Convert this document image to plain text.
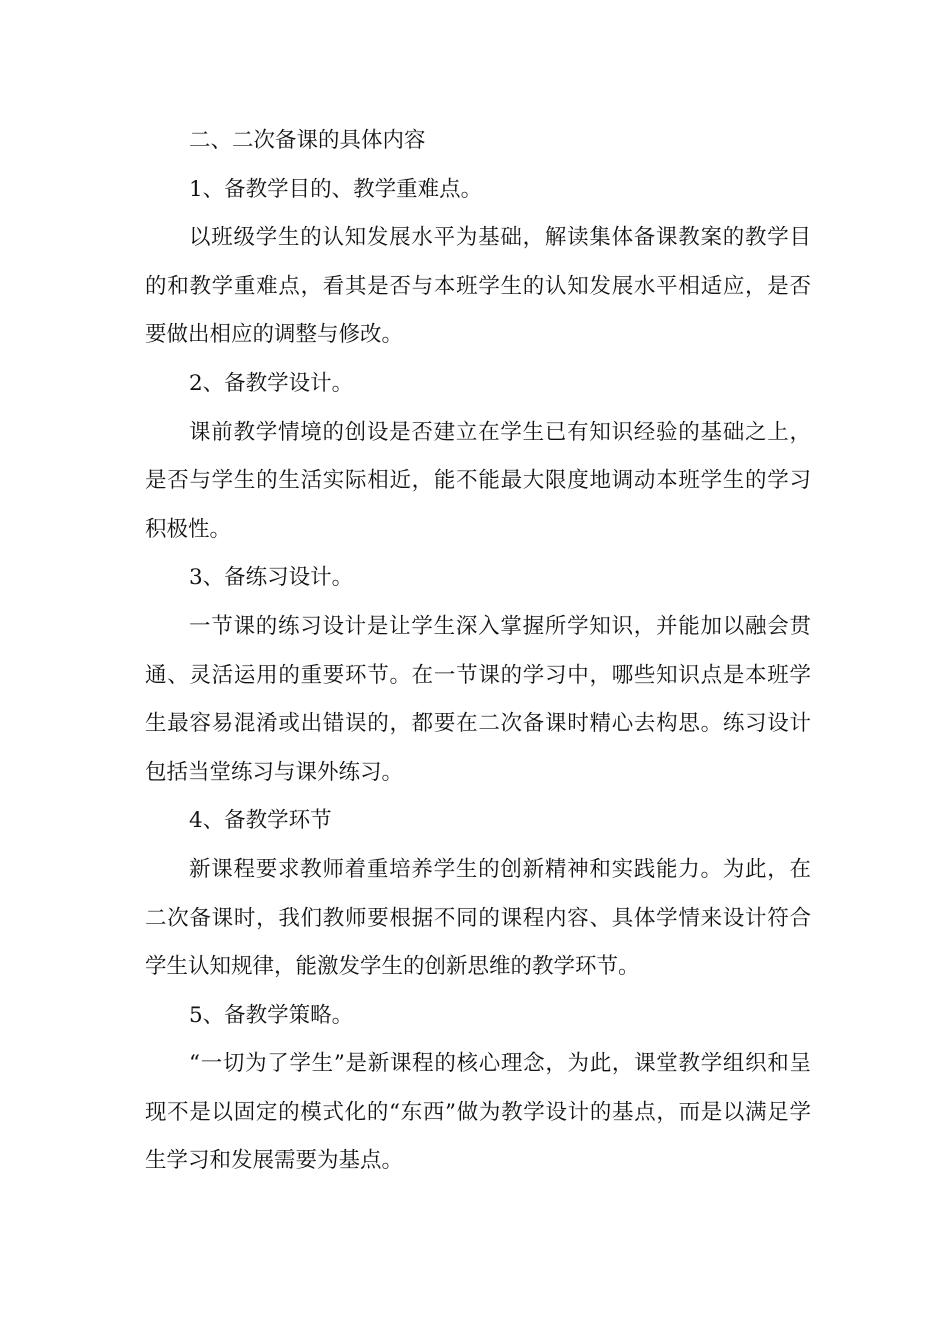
二、二次备课的具体内容

1、备教学目的、教学重难点。

以班级学生的认知发展水平为基础，解读集体备课教案的教学目的和教学重难点，看其是否与本班学生的认知发展水平相适应，是否要做出相应的调整与修改。

2、备教学设计。

课前教学情境的创设是否建立在学生已有知识经验的基础之上，是否与学生的生活实际相近，能不能最大限度地调动本班学生的学习积极性。

3、备练习设计。

一节课的练习设计是让学生深入掌握所学知识，并能加以融会贯通、灵活运用的重要环节。在一节课的学习中，哪些知识点是本班学生最容易混淆或出错误的，都要在二次备课时精心去构思。练习设计包括当堂练习与课外练习。

4、备教学环节

新课程要求教师着重培养学生的创新精神和实践能力。为此，在二次备课时，我们教师要根据不同的课程内容、具体学情来设计符合学生认知规律，能激发学生的创新思维的教学环节。

5、备教学策略。

“一切为了学生”是新课程的核心理念，为此，课堂教学组织和呈现不是以固定的模式化的“东西”做为教学设计的基点，而是以满足学生学习和发展需要为基点。
